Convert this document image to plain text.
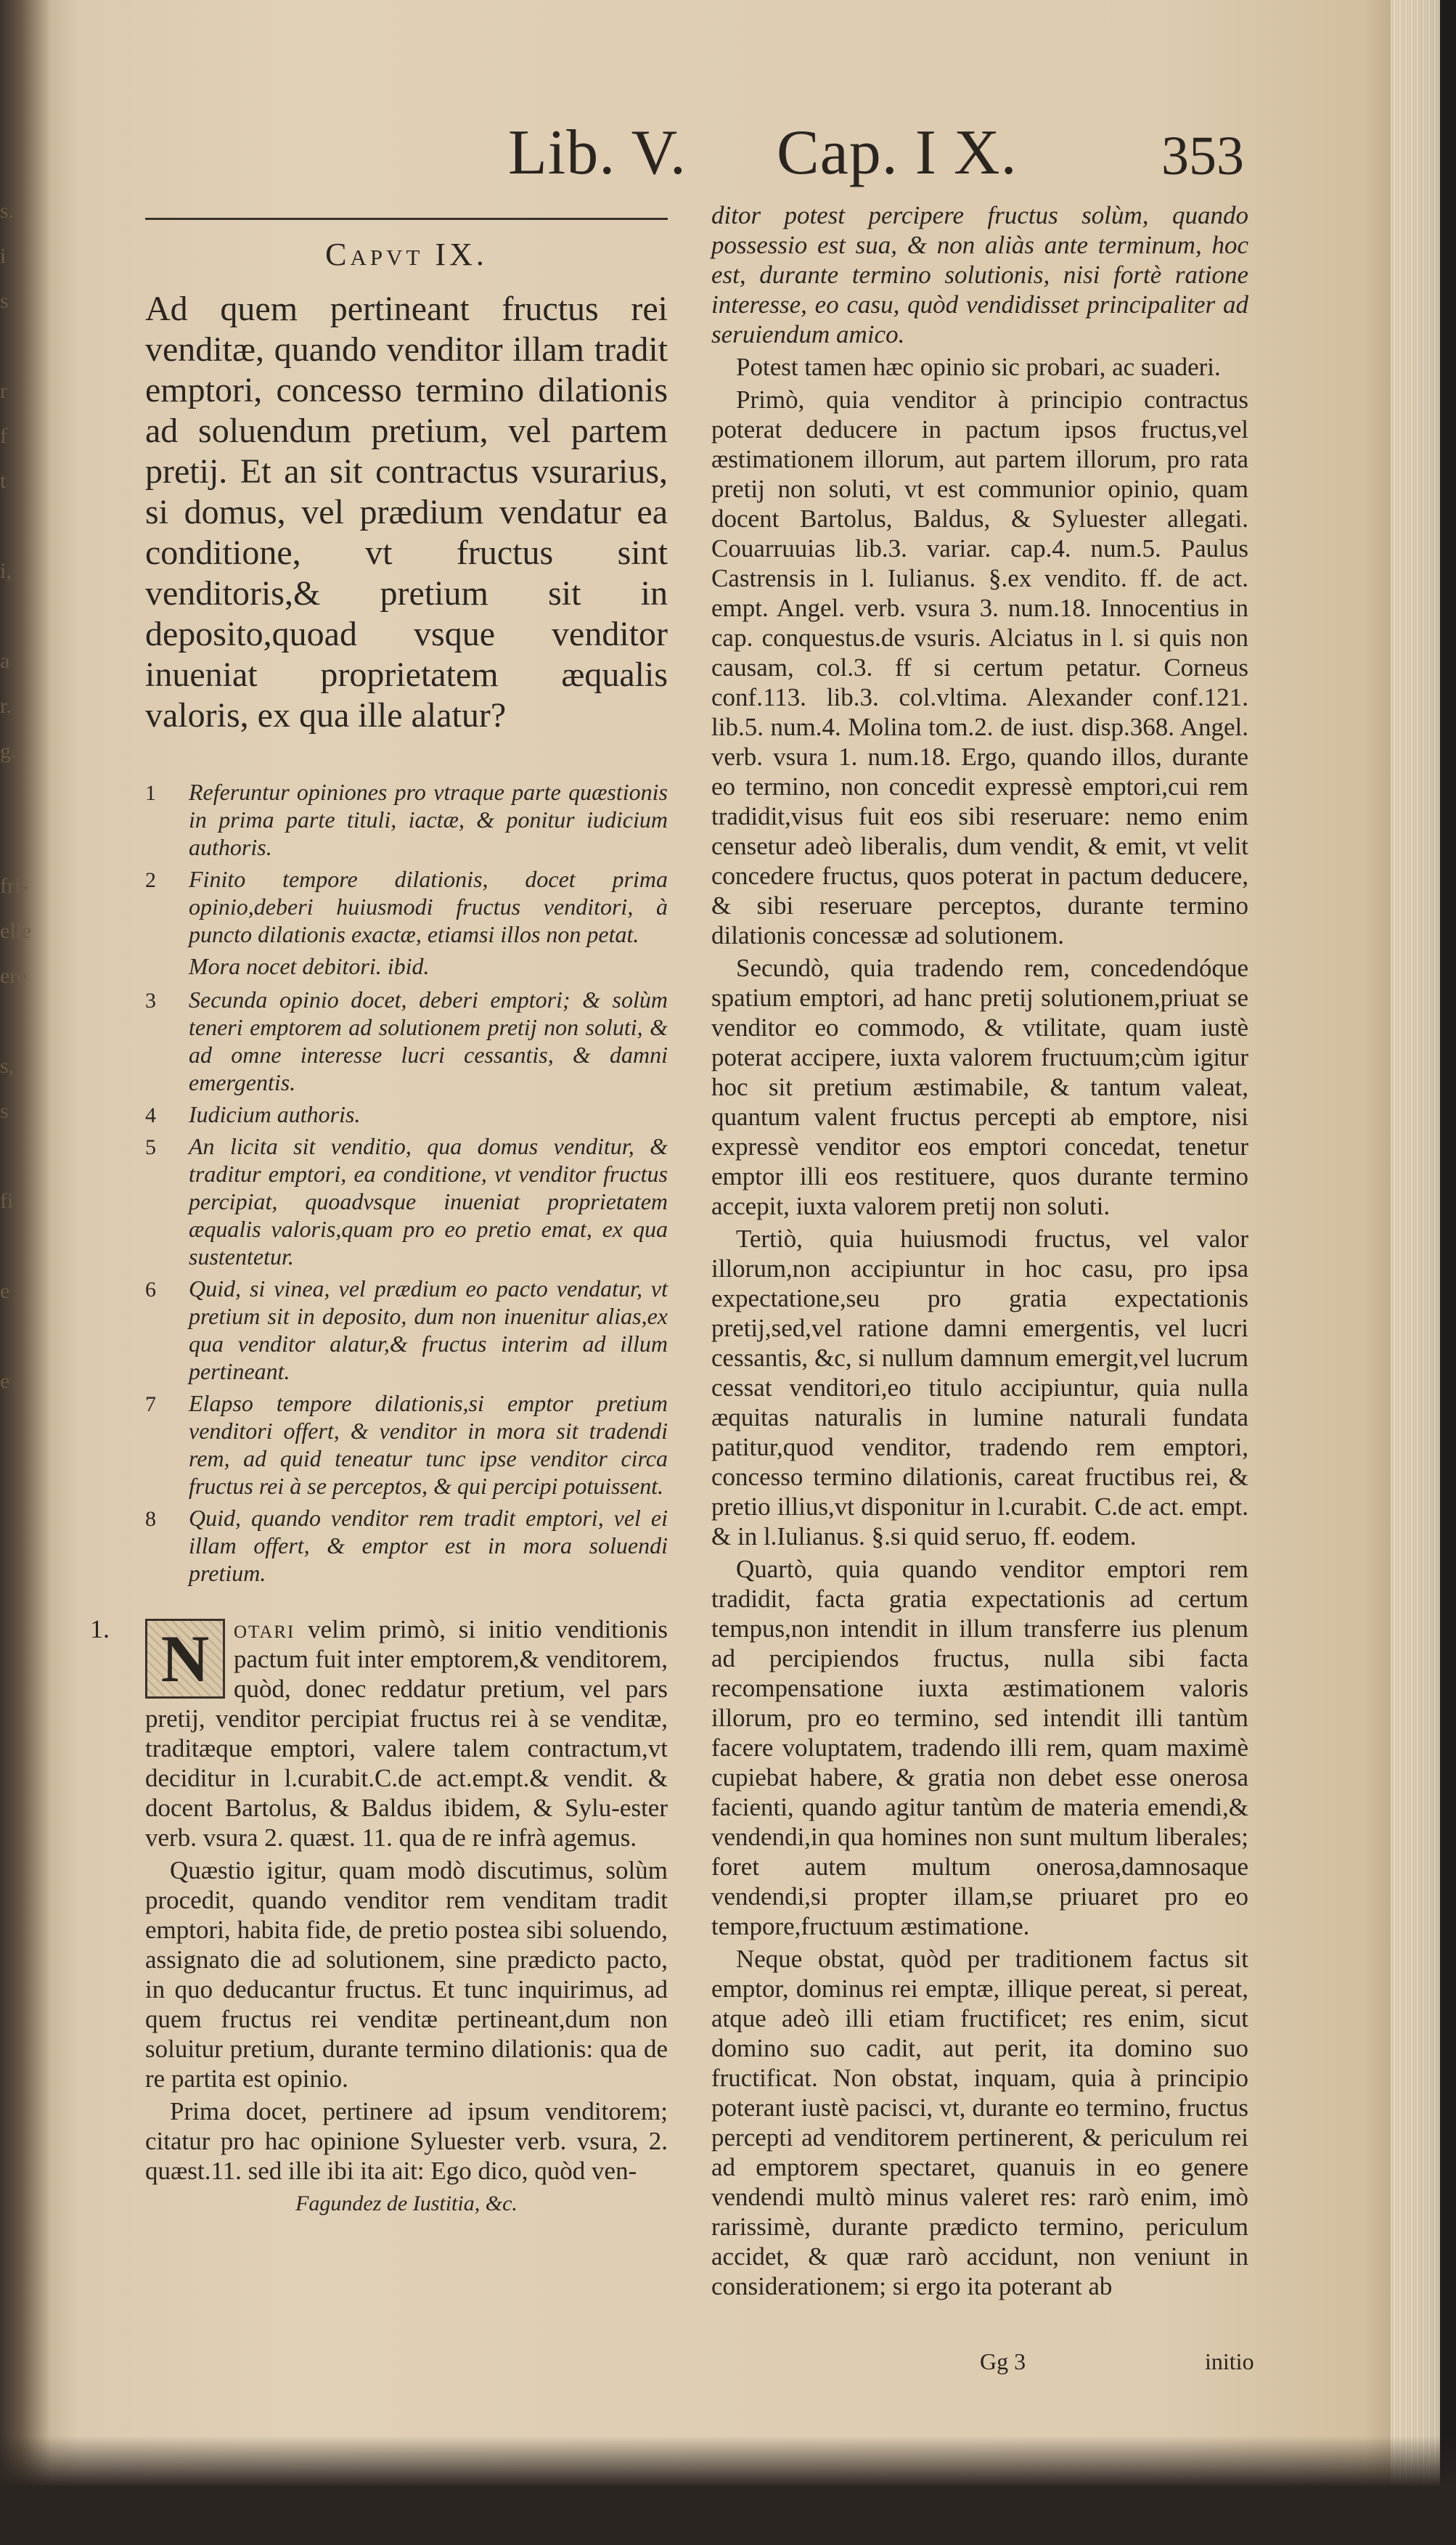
s.
i
s
r
f
t
i,
a
r.
g.
fri-
elle
ere
s,
s
fi
e
e
Lib. V. Cap. I X.	353
Capvt IX.
Ad quem pertineant fructus rei venditæ, quando venditor illam tradit emptori, concesso termino dilationis ad soluendum pretium, vel partem pretij. Et an sit contractus vsurarius, si domus, vel prædium vendatur ea conditione, vt fructus sint venditoris,& pretium sit in deposito,quoad vsque venditor inueniat proprietatem æqualis valoris, ex qua ille alatur?
1	Referuntur opiniones pro vtraque parte quæstionis in prima parte tituli, iactæ, & ponitur iudicium authoris.
2	Finito tempore dilationis, docet prima opinio,deberi huiusmodi fructus venditori, à puncto dilationis exactæ, etiamsi illos non petat.
Mora nocet debitori. ibid.
3	Secunda opinio docet, deberi emptori; & solùm teneri emptorem ad solutionem pretij non soluti, & ad omne interesse lucri cessantis, & damni emergentis.
4	Iudicium authoris.
5	An licita sit venditio, qua domus venditur, & traditur emptori, ea conditione, vt venditor fructus percipiat, quoadvsque inueniat proprietatem æqualis valoris,quam pro eo pretio emat, ex qua sustentetur.
6	Quid, si vinea, vel prædium eo pacto vendatur, vt pretium sit in deposito, dum non inuenitur alias,ex qua venditor alatur,& fructus interim ad illum pertineant.
7	Elapso tempore dilationis,si emptor pretium venditori offert, & venditor in mora sit tradendi rem, ad quid teneatur tunc ipse venditor circa fructus rei à se perceptos, & qui percipi potuissent.
8	Quid, quando venditor rem tradit emptori, vel ei illam offert, & emptor est in mora soluendi pretium.
1. N otari velim primò, si initio venditionis pactum fuit inter emptorem,& venditorem, quòd, donec reddatur pretium, vel pars pretij, venditor percipiat fructus rei à se venditæ, traditæque emptori, valere talem contractum,vt deciditur in l.curabit.C.de act.empt.& vendit. & docent Bartolus, & Baldus ibidem, & Sylu-ester verb. vsura 2. quæst. 11. qua de re infrà agemus.

Quæstio igitur, quam modò discutimus, solùm procedit, quando venditor rem venditam tradit emptori, habita fide, de pretio postea sibi soluendo, assignato die ad solutionem, sine prædicto pacto, in quo deducantur fructus. Et tunc inquirimus, ad quem fructus rei venditæ pertineant,dum non soluitur pretium, durante termino dilationis: qua de re partita est opinio.

Prima docet, pertinere ad ipsum venditorem; citatur pro hac opinione Syluester verb. vsura, 2. quæst.11. sed ille ibi ita ait: Ego dico, quòd ven-

Fagundez de Iustitia, &c.

ditor potest percipere fructus solùm, quando possessio est sua, & non aliàs ante terminum, hoc est, durante termino solutionis, nisi fortè ratione interesse, eo casu, quòd vendidisset principaliter ad seruiendum amico.

Potest tamen hæc opinio sic probari, ac suaderi.

Primò, quia venditor à principio contractus poterat deducere in pactum ipsos fructus,vel æstimationem illorum, aut partem illorum, pro rata pretij non soluti, vt est communior opinio, quam docent Bartolus, Baldus, & Syluester allegati. Couarruuias lib.3. variar. cap.4. num.5. Paulus Castrensis in l. Iulianus. §.ex vendito. ff. de act. empt. Angel. verb. vsura 3. num.18. Innocentius in cap. conquestus.de vsuris. Alciatus in l. si quis non causam, col.3. ff si certum petatur. Corneus conf.113. lib.3. col.vltima. Alexander conf.121. lib.5. num.4. Molina tom.2. de iust. disp.368. Angel. verb. vsura 1. num.18. Ergo, quando illos, durante eo termino, non concedit expressè emptori,cui rem tradidit,visus fuit eos sibi reseruare: nemo enim censetur adeò liberalis, dum vendit, & emit, vt velit concedere fructus, quos poterat in pactum deducere, & sibi reseruare perceptos, durante termino dilationis concessæ ad solutionem.

Secundò, quia tradendo rem, concedendóque spatium emptori, ad hanc pretij solutionem,priuat se venditor eo commodo, & vtilitate, quam iustè poterat accipere, iuxta valorem fructuum;cùm igitur hoc sit pretium æstimabile, & tantum valeat, quantum valent fructus percepti ab emptore, nisi expressè venditor eos emptori concedat, tenetur emptor illi eos restituere, quos durante termino accepit, iuxta valorem pretij non soluti.

Tertiò, quia huiusmodi fructus, vel valor illorum,non accipiuntur in hoc casu, pro ipsa expectatione,seu pro gratia expectationis pretij,sed,vel ratione damni emergentis, vel lucri cessantis, &c, si nullum damnum emergit,vel lucrum cessat venditori,eo titulo accipiuntur, quia nulla æquitas naturalis in lumine naturali fundata patitur,quod venditor, tradendo rem emptori, concesso termino dilationis, careat fructibus rei, & pretio illius,vt disponitur in l.curabit. C.de act. empt. & in l.Iulianus. §.si quid seruo, ff. eodem.

Quartò, quia quando venditor emptori rem tradidit, facta gratia expectationis ad certum tempus,non intendit in illum transferre ius plenum ad percipiendos fructus, nulla sibi facta recompensatione iuxta æstimationem valoris illorum, pro eo termino, sed intendit illi tantùm facere voluptatem, tradendo illi rem, quam maximè cupiebat habere, & gratia non debet esse onerosa facienti, quando agitur tantùm de materia emendi,& vendendi,in qua homines non sunt multum liberales; foret autem multum onerosa,damnosaque vendendi,si propter illam,se priuaret pro eo tempore,fructuum æstimatione.

Neque obstat, quòd per traditionem factus sit emptor, dominus rei emptæ, illique pereat, si pereat, atque adeò illi etiam fructificet; res enim, sicut domino suo cadit, aut perit, ita domino suo fructificat. Non obstat, inquam, quia à principio poterant iustè pacisci, vt, durante eo termino, fructus percepti ad venditorem pertinerent, & periculum rei ad emptorem spectaret, quanuis in eo genere vendendi multò minus valeret res: rarò enim, imò rarissimè, durante prædicto termino, periculum accidet, & quæ rarò accidunt, non veniunt in considerationem; si ergo ita poterant ab

Gg 3	initio
